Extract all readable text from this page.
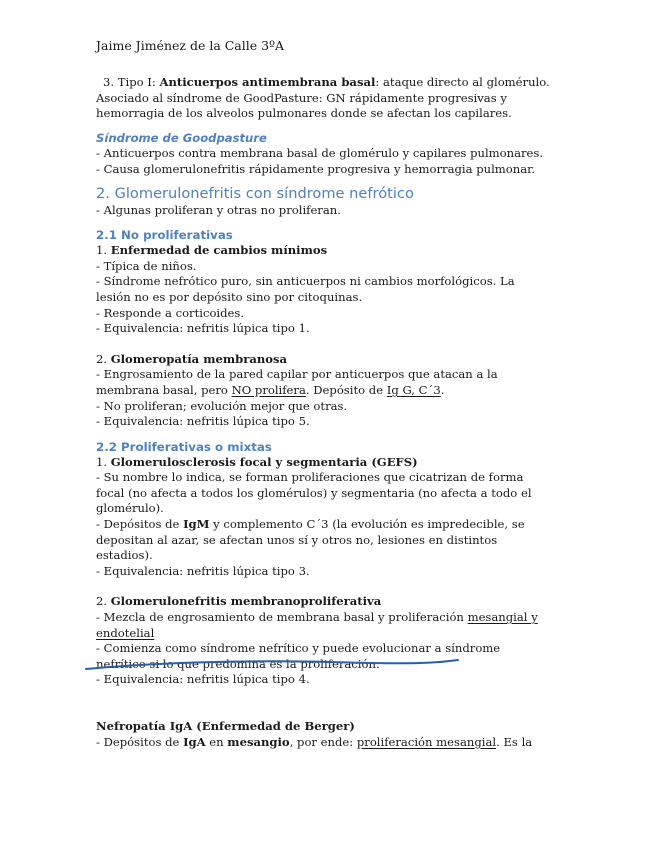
Jaime Jiménez de la Calle 3ºA

3. Tipo I: Anticuerpos antimembrana basal: ataque directo al glomérulo.

Asociado al síndrome de GoodPasture: GN rápidamente progresivas y

hemorragia de los alveolos pulmonares donde se afectan los capilares.

Síndrome de Goodpasture

- Anticuerpos contra membrana basal de glomérulo y capilares pulmonares.

- Causa glomerulonefritis rápidamente progresiva y hemorragia pulmonar.

2. Glomerulonefritis con síndrome nefrótico

- Algunas proliferan y otras no proliferan.

2.1 No proliferativas

1. Enfermedad de cambios mínimos

- Típica de niños.

- Síndrome nefrótico puro, sin anticuerpos ni cambios morfológicos. La

lesión no es por depósito sino por citoquinas.

- Responde a corticoides.

- Equivalencia: nefritis lúpica tipo 1.

2. Glomeropatía membranosa

- Engrosamiento de la pared capilar por anticuerpos que atacan a la

membrana basal, pero NO prolifera. Depósito de Ig G, C´3.

- No proliferan; evolución mejor que otras.

- Equivalencia: nefritis lúpica tipo 5.

2.2 Proliferativas o mixtas

1. Glomerulosclerosis focal y segmentaria (GEFS)

- Su nombre lo indica, se forman proliferaciones que cicatrizan de forma

focal (no afecta a todos los glomérulos) y segmentaria (no afecta a todo el

glomérulo).

- Depósitos de IgM y complemento C´3 (la evolución es impredecible, se

depositan al azar, se afectan unos sí y otros no, lesiones en distintos

estadios).

- Equivalencia: nefritis lúpica tipo 3.

2. Glomerulonefritis membranoproliferativa

- Mezcla de engrosamiento de membrana basal y proliferación mesangial y

endotelial

- Comienza como síndrome nefrítico y puede evolucionar a síndrome

nefrítico si lo que predomina es la proliferación.

- Equivalencia: nefritis lúpica tipo 4.

Nefropatía IgA (Enfermedad de Berger)

- Depósitos de IgA en mesangio, por ende: proliferación mesangial. Es la
